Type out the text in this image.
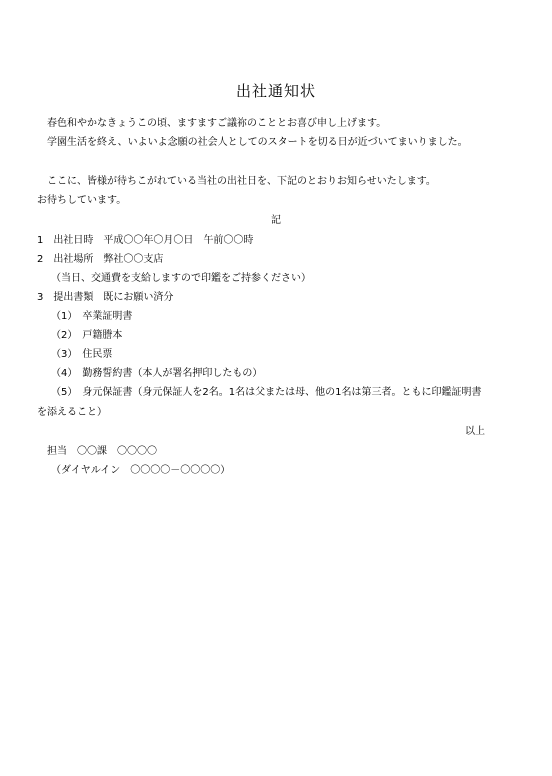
出社通知状
　春色和やかなきょうこの頃、ますますご議祢のこととお喜び申し上げます。
　学園生活を終え、いよいよ念願の社会人としてのスタートを切る日が近づいてまいりました。
　ここに、皆様が待ちこがれている当社の出社日を、下記のとおりお知らせいたします。
お待ちしています。
記
1　出社日時　平成〇〇年〇月〇日　午前〇〇時
2　出社場所　弊社〇〇支店
（当日、交通費を支給しますので印鑑をご持参ください）
3　提出書類　既にお願い済分
（1）　卒業証明書
（2）　戸籍謄本
（3）　住民票
（4）　勤務誓約書（本人が署名押印したもの）
（5）　身元保証書（身元保証人を2名。1名は父または母、他の1名は第三者。ともに印鑑証明書を添えること）
以上
担当　〇〇課　〇〇〇〇
（ダイヤルイン　〇〇〇〇－〇〇〇〇）
